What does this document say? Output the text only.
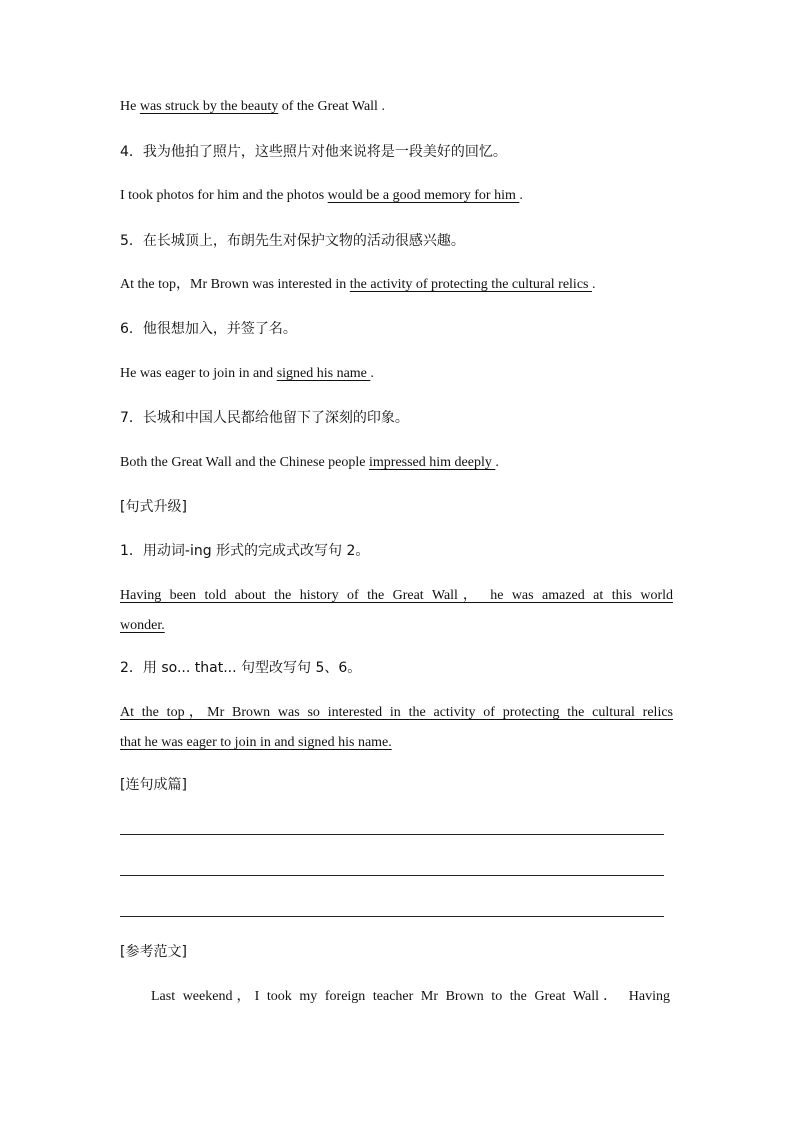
He was struck by the beauty of the Great Wall .
4．我为他拍了照片，这些照片对他来说将是一段美好的回忆。
I took photos for him and the photos would be a good memory for him .
5．在长城顶上，布朗先生对保护文物的活动很感兴趣。
At the top，Mr Brown was interested in the activity of protecting the cultural relics .
6．他很想加入，并签了名。
He was eager to join in and signed his name .
7．长城和中国人民都给他留下了深刻的印象。
Both the Great Wall and the Chinese people impressed him deeply .
[句式升级]
1．用动词-ing 形式的完成式改写句 2。
Having been told about the history of the Great Wall， he was amazed at this world
wonder.
2．用 so... that... 句型改写句 5、6。
At the top，Mr Brown was so interested in the activity of protecting the cultural relics
that he was eager to join in and signed his name.
[连句成篇]
[参考范文]
Last weekend，I took my foreign teacher Mr Brown to the Great Wall． Having
